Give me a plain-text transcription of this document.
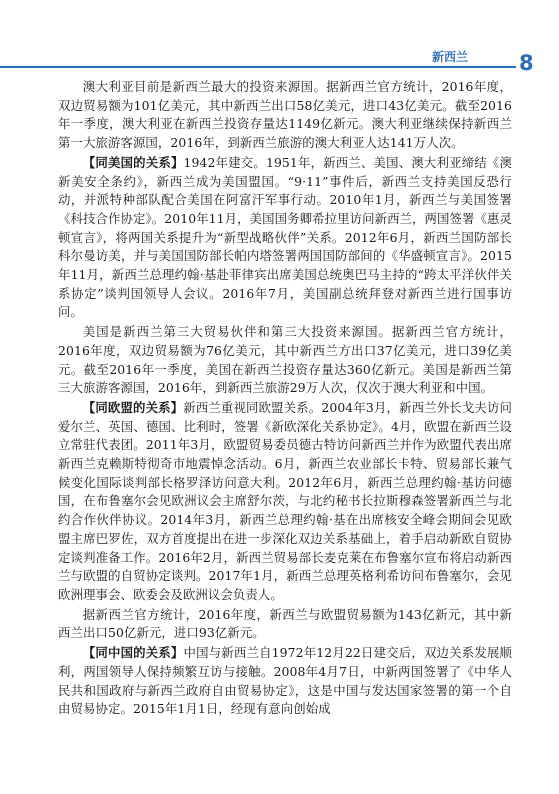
新西兰 8

澳大利亚目前是新西兰最大的投资来源国。据新西兰官方统计，2016年度，双边贸易额为101亿美元，其中新西兰出口58亿美元，进口43亿美元。截至2016年一季度，澳大利亚在新西兰投资存量达1149亿新元。澳大利亚继续保持新西兰第一大旅游客源国，2016年，到新西兰旅游的澳大利亚人达141万人次。

【同美国的关系】1942年建交。1951年，新西兰、美国、澳大利亚缔结《澳新美安全条约》，新西兰成为美国盟国。“9·11”事件后，新西兰支持美国反恐行动，并派特种部队配合美国在阿富汗军事行动。2010年1月，新西兰与美国签署《科技合作协定》。2010年11月，美国国务卿希拉里访问新西兰，两国签署《惠灵顿宣言》，将两国关系提升为“新型战略伙伴”关系。2012年6月，新西兰国防部长科尔曼访美，并与美国国防部长帕内塔签署两国国防部间的《华盛顿宣言》。2015年11月，新西兰总理约翰·基赴菲律宾出席美国总统奥巴马主持的“跨太平洋伙伴关系协定”谈判国领导人会议。2016年7月，美国副总统拜登对新西兰进行国事访问。

美国是新西兰第三大贸易伙伴和第三大投资来源国。据新西兰官方统计，2016年度，双边贸易额为76亿美元，其中新西兰方出口37亿美元，进口39亿美元。截至2016年一季度，美国在新西兰投资存量达360亿新元。美国是新西兰第三大旅游客源国，2016年，到新西兰旅游29万人次，仅次于澳大利亚和中国。

【同欧盟的关系】新西兰重视同欧盟关系。2004年3月，新西兰外长戈夫访问爱尔兰、英国、德国、比利时，签署《新欧深化关系协定》。4月，欧盟在新西兰设立常驻代表团。2011年3月，欧盟贸易委员德古特访问新西兰并作为欧盟代表出席新西兰克赖斯特彻奇市地震悼念活动。6月，新西兰农业部长卡特、贸易部长兼气候变化国际谈判部长格罗泽访问意大利。2012年6月，新西兰总理约翰·基访问德国，在布鲁塞尔会见欧洲议会主席舒尔茨，与北约秘书长拉斯穆森签署新西兰与北约合作伙伴协议。2014年3月，新西兰总理约翰·基在出席核安全峰会期间会见欧盟主席巴罗佐，双方首度提出在进一步深化双边关系基础上，着手启动新欧自贸协定谈判准备工作。2016年2月，新西兰贸易部长麦克莱在布鲁塞尔宣布将启动新西兰与欧盟的自贸协定谈判。2017年1月，新西兰总理英格利希访问布鲁塞尔，会见欧洲理事会、欧委会及欧洲议会负责人。

据新西兰官方统计，2016年度，新西兰与欧盟贸易额为143亿新元，其中新西兰出口50亿新元，进口93亿新元。

【同中国的关系】中国与新西兰自1972年12月22日建交后，双边关系发展顺利，两国领导人保持频繁互访与接触。2008年4月7日，中新两国签署了《中华人民共和国政府与新西兰政府自由贸易协定》，这是中国与发达国家签署的第一个自由贸易协定。2015年1月1日，经现有意向创始成
